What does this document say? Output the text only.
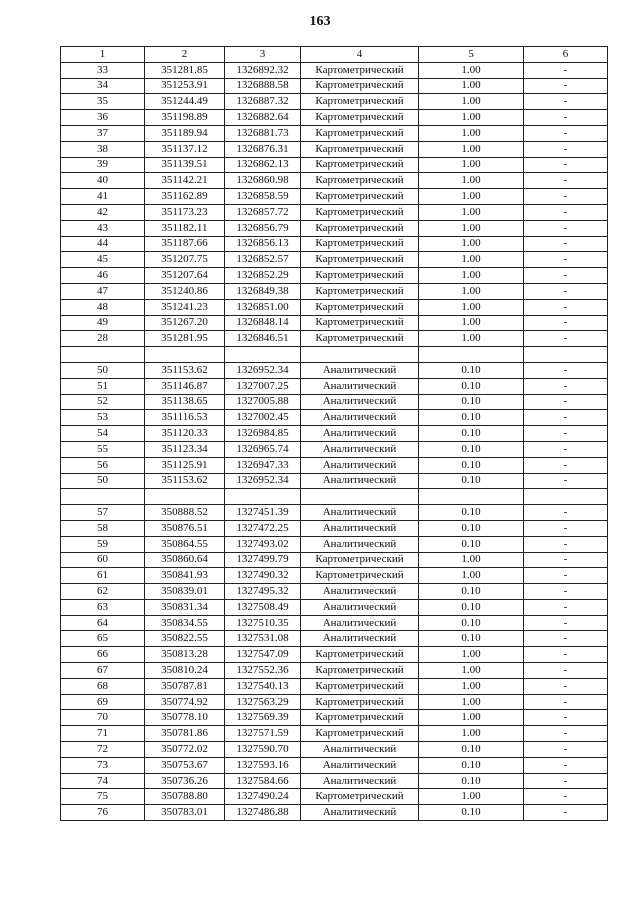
163
1	2	3	4	5	6
33	351281.85	1326892.32	Картометрический	1.00	-
34	351253.91	1326888.58	Картометрический	1.00	-
35	351244.49	1326887.32	Картометрический	1.00	-
36	351198.89	1326882.64	Картометрический	1.00	-
37	351189.94	1326881.73	Картометрический	1.00	-
38	351137.12	1326876.31	Картометрический	1.00	-
39	351139.51	1326862.13	Картометрический	1.00	-
40	351142.21	1326860.98	Картометрический	1.00	-
41	351162.89	1326858.59	Картометрический	1.00	-
42	351173.23	1326857.72	Картометрический	1.00	-
43	351182.11	1326856.79	Картометрический	1.00	-
44	351187.66	1326856.13	Картометрический	1.00	-
45	351207.75	1326852.57	Картометрический	1.00	-
46	351207.64	1326852.29	Картометрический	1.00	-
47	351240.86	1326849.38	Картометрический	1.00	-
48	351241.23	1326851.00	Картометрический	1.00	-
49	351267.20	1326848.14	Картометрический	1.00	-
28	351281.95	1326846.51	Картометрический	1.00	-

50	351153.62	1326952.34	Аналитический	0.10	-
51	351146.87	1327007.25	Аналитический	0.10	-
52	351138.65	1327005.88	Аналитический	0.10	-
53	351116.53	1327002.45	Аналитический	0.10	-
54	351120.33	1326984.85	Аналитический	0.10	-
55	351123.34	1326965.74	Аналитический	0.10	-
56	351125.91	1326947.33	Аналитический	0.10	-
50	351153.62	1326952.34	Аналитический	0.10	-

57	350888.52	1327451.39	Аналитический	0.10	-
58	350876.51	1327472.25	Аналитический	0.10	-
59	350864.55	1327493.02	Аналитический	0.10	-
60	350860.64	1327499.79	Картометрический	1.00	-
61	350841.93	1327490.32	Картометрический	1.00	-
62	350839.01	1327495.32	Аналитический	0.10	-
63	350831.34	1327508.49	Аналитический	0.10	-
64	350834.55	1327510.35	Аналитический	0.10	-
65	350822.55	1327531.08	Аналитический	0.10	-
66	350813.28	1327547.09	Картометрический	1.00	-
67	350810.24	1327552.36	Картометрический	1.00	-
68	350787.81	1327540.13	Картометрический	1.00	-
69	350774.92	1327563.29	Картометрический	1.00	-
70	350778.10	1327569.39	Картометрический	1.00	-
71	350781.86	1327571.59	Картометрический	1.00	-
72	350772.02	1327590.70	Аналитический	0.10	-
73	350753.67	1327593.16	Аналитический	0.10	-
74	350736.26	1327584.66	Аналитический	0.10	-
75	350788.80	1327490.24	Картометрический	1.00	-
76	350783.01	1327486.88	Аналитический	0.10	-
